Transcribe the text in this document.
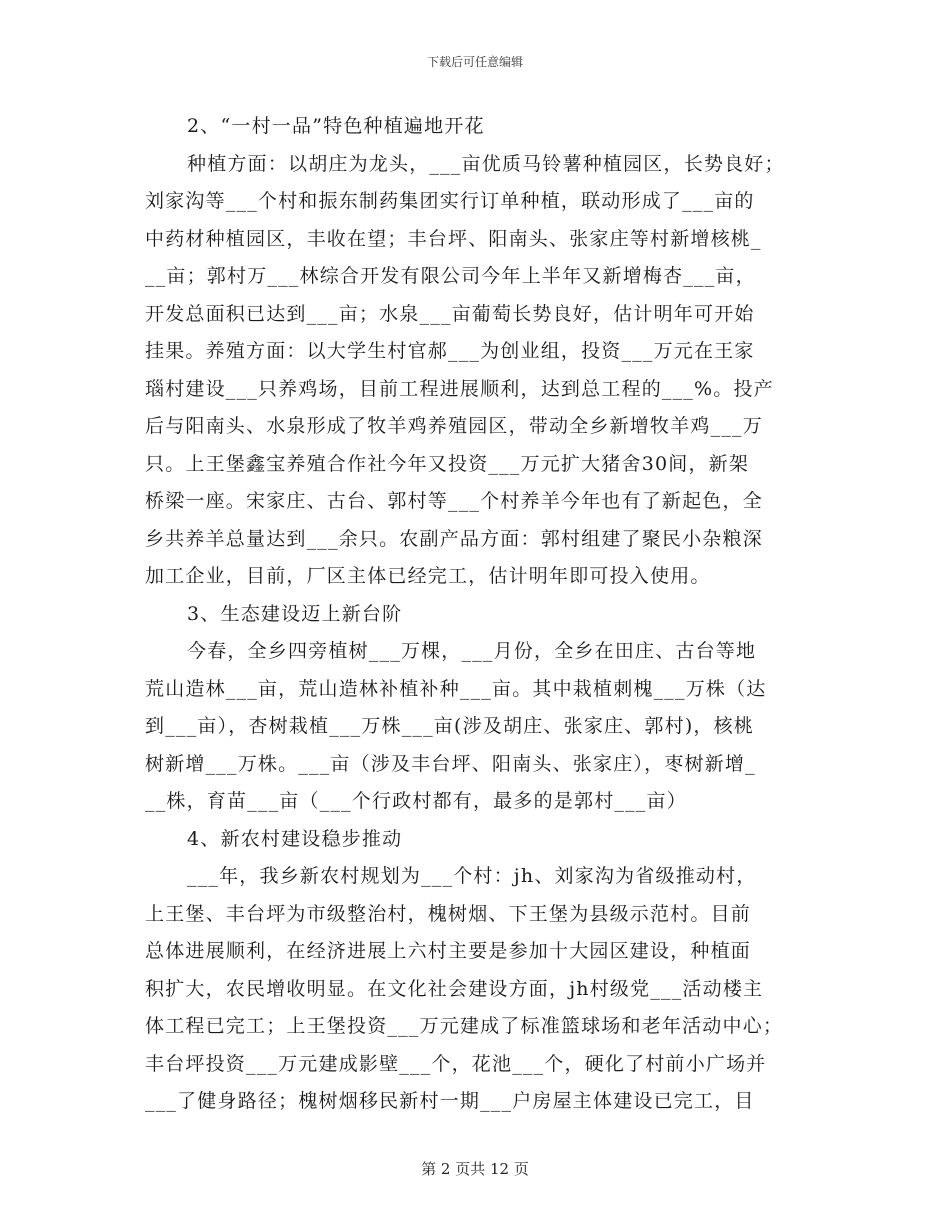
下载后可任意编辑
2、“一村一品”特色种植遍地开花
种植方面：以胡庄为龙头，___亩优质马铃薯种植园区，长势良好；
刘家沟等___个村和振东制药集团实行订单种植，联动形成了___亩的
中药材种植园区，丰收在望；丰台坪、阳南头、张家庄等村新增核桃_
__亩；郭村万___林综合开发有限公司今年上半年又新增梅杏___亩，
开发总面积已达到___亩；水泉___亩葡萄长势良好，估计明年可开始
挂果。养殖方面：以大学生村官郝___为创业组，投资___万元在王家
瑙村建设___只养鸡场，目前工程进展顺利，达到总工程的___%。投产
后与阳南头、水泉形成了牧羊鸡养殖园区，带动全乡新增牧羊鸡___万
只。上王堡鑫宝养殖合作社今年又投资___万元扩大猪舍30间，新架
桥梁一座。宋家庄、古台、郭村等___个村养羊今年也有了新起色，全
乡共养羊总量达到___余只。农副产品方面：郭村组建了聚民小杂粮深
加工企业，目前，厂区主体已经完工，估计明年即可投入使用。
3、生态建设迈上新台阶
今春，全乡四旁植树___万棵，___月份，全乡在田庄、古台等地
荒山造林___亩，荒山造林补植补种___亩。其中栽植刺槐___万株（达
到___亩），杏树栽植___万株___亩(涉及胡庄、张家庄、郭村)，核桃
树新增___万株。___亩（涉及丰台坪、阳南头、张家庄），枣树新增_
__株，育苗___亩（___个行政村都有，最多的是郭村___亩）
4、新农村建设稳步推动
___年，我乡新农村规划为___个村：jh、刘家沟为省级推动村，
上王堡、丰台坪为市级整治村，槐树烟、下王堡为县级示范村。目前
总体进展顺利，在经济进展上六村主要是参加十大园区建设，种植面
积扩大，农民增收明显。在文化社会建设方面，jh村级党___活动楼主
体工程已完工；上王堡投资___万元建成了标准篮球场和老年活动中心；
丰台坪投资___万元建成影壁___个，花池___个，硬化了村前小广场并
___了健身路径；槐树烟移民新村一期___户房屋主体建设已完工，目
第 2 页共 12 页
